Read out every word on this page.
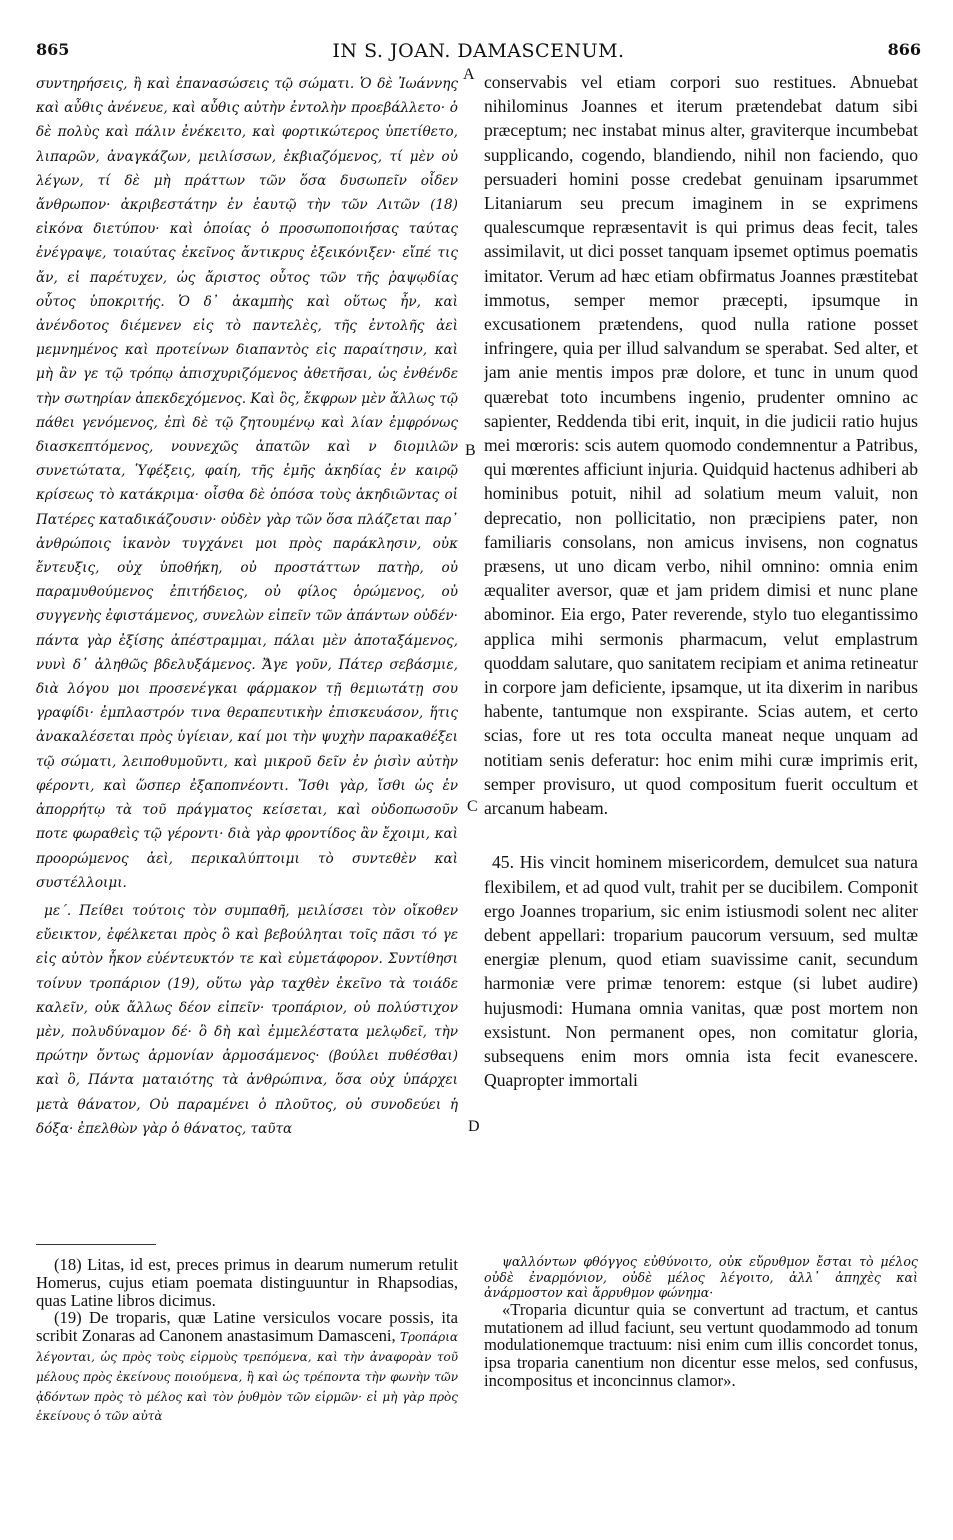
865	IN S. JOAN. DAMASCENUM.	866

συντηρήσεις, ἢ καὶ ἐπανασώσεις τῷ σώματι. Ὁ δὲ Ἰωάννης καὶ αὖθις ἀνένευε, καὶ αὖθις αὐτὴν ἐντολὴν προεβάλλετο· ὁ δὲ πολὺς καὶ πάλιν ἐνέκειτο, καὶ φορτικώτερος ὑπετίθετο, λιπαρῶν, ἀναγκάζων, μειλίσσων, ἐκβιαζόμενος, τί μὲν οὐ λέγων, τί δὲ μὴ πράττων τῶν ὅσα δυσωπεῖν οἶδεν ἄνθρωπον· ἀκριβεστάτην ἐν ἑαυτῷ τὴν τῶν Λιτῶν (18) εἰκόνα διετύπου· καὶ ὁποίας ὁ προσωποποιήσας ταύτας ἐνέγραψε, τοιαύτας ἐκεῖνος ἄντικρυς ἐξεικόνιξεν· εἴπέ τις ἄν, εἰ παρέτυχεν, ὡς ἄριστος οὗτος τῶν τῆς ῥαψῳδίας οὗτος ὑποκριτής. Ὁ δ᾽ ἀκαμπὴς καὶ οὕτως ἦν, καὶ ἀνένδοτος διέμενεν εἰς τὸ παντελὲς, τῆς ἐντολῆς ἀεὶ μεμνημένος καὶ προτείνων διαπαντὸς εἰς παραίτησιν, καὶ μὴ ἂν γε τῷ τρόπῳ ἀπισχυριζόμενος ἀθετῆσαι, ὡς ἐνθένδε τὴν σωτηρίαν ἀπεκδεχόμενος. Καὶ ὃς, ἔκφρων μὲν ἄλλως τῷ πάθει γενόμενος, ἐπὶ δὲ τῷ ζητουμένῳ καὶ λίαν ἐμφρόνως διασκεπτόμενος, νουνεχῶς ἀπατῶν καὶ ν διομιλῶν συνετώτατα, Ὑφέξεις, φαίη, τῆς ἐμῆς ἀκηδίας ἐν καιρῷ κρίσεως τὸ κατάκριμα· οἶσθα δὲ ὁπόσα τοὺς ἀκηδιῶντας οἱ Πατέρες καταδικάζουσιν· οὐδὲν γὰρ τῶν ὅσα πλάζεται παρ᾽ ἀνθρώποις ἱκανὸν τυγχάνει μοι πρὸς παράκλησιν, οὐκ ἔντευξις, οὐχ ὑποθήκη, οὐ προστάττων πατὴρ, οὐ παραμυθούμενος ἐπιτήδειος, οὐ φίλος ὁρώμενος, οὐ συγγενὴς ἐφιστάμενος, συνελὼν εἰπεῖν τῶν ἁπάντων οὐδέν· πάντα γὰρ ἐξίσης ἀπέστραμμαι, πάλαι μὲν ἀποταξάμενος, νυνὶ δ᾽ ἀληθῶς βδελυξάμενος. Ἄγε γοῦν, Πάτερ σεβάσμιε, διὰ λόγου μοι προσενέγκαι φάρμακον τῇ θεμιωτάτῃ σου γραφίδι· ἐμπλαστρόν τινα θεραπευτικὴν ἐπισκευάσον, ἥτις ἀνακαλέσεται πρὸς ὑγίειαν, καί μοι τὴν ψυχὴν παρακαθέξει τῷ σώματι, λειποθυμοῦντι, καὶ μικροῦ δεῖν ἐν ῥισὶν αὐτὴν φέροντι, καὶ ὥσπερ ἐξαποπνέοντι. Ἴσθι γὰρ, ἴσθι ὡς ἐν ἀπορρήτῳ τὰ τοῦ πράγματος κείσεται, καὶ οὐδοπωσοῦν ποτε φωραθεὶς τῷ γέροντι· διὰ γὰρ φροντίδος ἂν ἔχοιμι, καὶ προορώμενος ἀεὶ, περικαλύπτοιμι τὸ συντεθὲν καὶ συστέλλοιμι.

με΄. Πείθει τούτοις τὸν συμπαθῆ, μειλίσσει τὸν οἴκοθεν εὔεικτον, ἐφέλκεται πρὸς ὃ καὶ βεβούληται τοῖς πᾶσι τό γε εἰς αὐτὸν ἧκον εὐέντευκτόν τε καὶ εὐμετάφορον. Συντίθησι τοίνυν τροπάριον (19), οὕτω γὰρ ταχθὲν ἐκεῖνο τὰ τοιάδε καλεῖν, οὐκ ἄλλως δέον εἰπεῖν· τροπάριον, οὐ πολύστιχον μὲν, πολυδύναμον δέ· ὃ δὴ καὶ ἐμμελέστατα μελῳδεῖ, τὴν πρώτην ὄντως ἁρμονίαν ἁρμοσάμενος· (βούλει πυθέσθαι) καὶ ὃ, Πάντα ματαιότης τὰ ἀνθρώπινα, ὅσα οὐχ ὑπάρχει μετὰ θάνατον, Οὐ παραμένει ὁ πλοῦτος, οὐ συνοδεύει ἡ δόξα· ἐπελθὼν γὰρ ὁ θάνατος, ταῦτα

A
B
C
D

conservabis vel etiam corpori suo restitues. Abnuebat nihilominus Joannes et iterum prætendebat datum sibi præceptum; nec instabat minus alter, graviterque incumbebat supplicando, cogendo, blandiendo, nihil non faciendo, quo persuaderi homini posse credebat genuinam ipsarummet Litaniarum seu precum imaginem in se exprimens qualescumque repræsentavit is qui primus deas fecit, tales assimilavit, ut dici posset tanquam ipsemet optimus poematis imitator. Verum ad hæc etiam obfirmatus Joannes præstitebat immotus, semper memor præcepti, ipsumque in excusationem prætendens, quod nulla ratione posset infringere, quia per illud salvandum se sperabat. Sed alter, et jam anie mentis impos præ dolore, et tunc in unum quod quærebat toto incumbens ingenio, prudenter omnino ac sapienter, Reddenda tibi erit, inquit, in die judicii ratio hujus mei mœroris: scis autem quomodo condemnentur a Patribus, qui mœrentes afficiunt injuria. Quidquid hactenus adhiberi ab hominibus potuit, nihil ad solatium meum valuit, non deprecatio, non pollicitatio, non præcipiens pater, non familiaris consolans, non amicus invisens, non cognatus præsens, ut uno dicam verbo, nihil omnino: omnia enim æqualiter aversor, quæ et jam pridem dimisi et nunc plane abominor. Eia ergo, Pater reverende, stylo tuo elegantissimo applica mihi sermonis pharmacum, velut emplastrum quoddam salutare, quo sanitatem recipiam et anima retineatur in corpore jam deficiente, ipsamque, ut ita dixerim in naribus habente, tantumque non exspirante. Scias autem, et certo scias, fore ut res tota occulta maneat neque unquam ad notitiam senis deferatur: hoc enim mihi curæ imprimis erit, semper provisuro, ut quod compositum fuerit occultum et arcanum habeam.

45. His vincit hominem misericordem, demulcet sua natura flexibilem, et ad quod vult, trahit per se ducibilem. Componit ergo Joannes troparium, sic enim istiusmodi solent nec aliter debent appellari: troparium paucorum versuum, sed multæ energiæ plenum, quod etiam suavissime canit, secundum harmoniæ vere primæ tenorem: estque (si lubet audire) hujusmodi: Humana omnia vanitas, quæ post mortem non exsistunt. Non permanent opes, non comitatur gloria, subsequens enim mors omnia ista fecit evanescere. Quapropter immortali

(18) Litas, id est, preces primus in dearum numerum retulit Homerus, cujus etiam poemata distinguuntur in Rhapsodias, quas Latine libros dicimus.

(19) De troparis, quæ Latine versiculos vocare possis, ita scribit Zonaras ad Canonem anastasimum Damasceni, Τροπάρια λέγονται, ὡς πρὸς τοὺς εἱρμοὺς τρεπόμενα, καὶ τὴν ἀναφορὰν τοῦ μέλους πρὸς ἐκείνους ποιούμενα, ἢ καὶ ὡς τρέποντα τὴν φωνὴν τῶν ᾀδόντων πρὸς τὸ μέλος καὶ τὸν ῥυθμὸν τῶν εἱρμῶν· εἰ μὴ γὰρ πρὸς ἐκείνους ὁ τῶν αὐτὰ

ψαλλόντων φθόγγος εὐθύνοιτο, οὐκ εὔρυθμον ἔσται τὸ μέλος οὐδὲ ἐναρμόνιον, οὐδὲ μέλος λέγοιτο, ἀλλ᾽ ἀπηχὲς καὶ ἀνάρμοστον καὶ ἄρρυθμον φώνημα·

«Troparia dicuntur quia se convertunt ad tractum, et cantus mutationem ad illud faciunt, seu vertunt quodammodo ad tonum modulationemque tractuum: nisi enim cum illis concordet tonus, ipsa troparia canentium non dicentur esse melos, sed confusus, incompositus et inconcinnus clamor».
